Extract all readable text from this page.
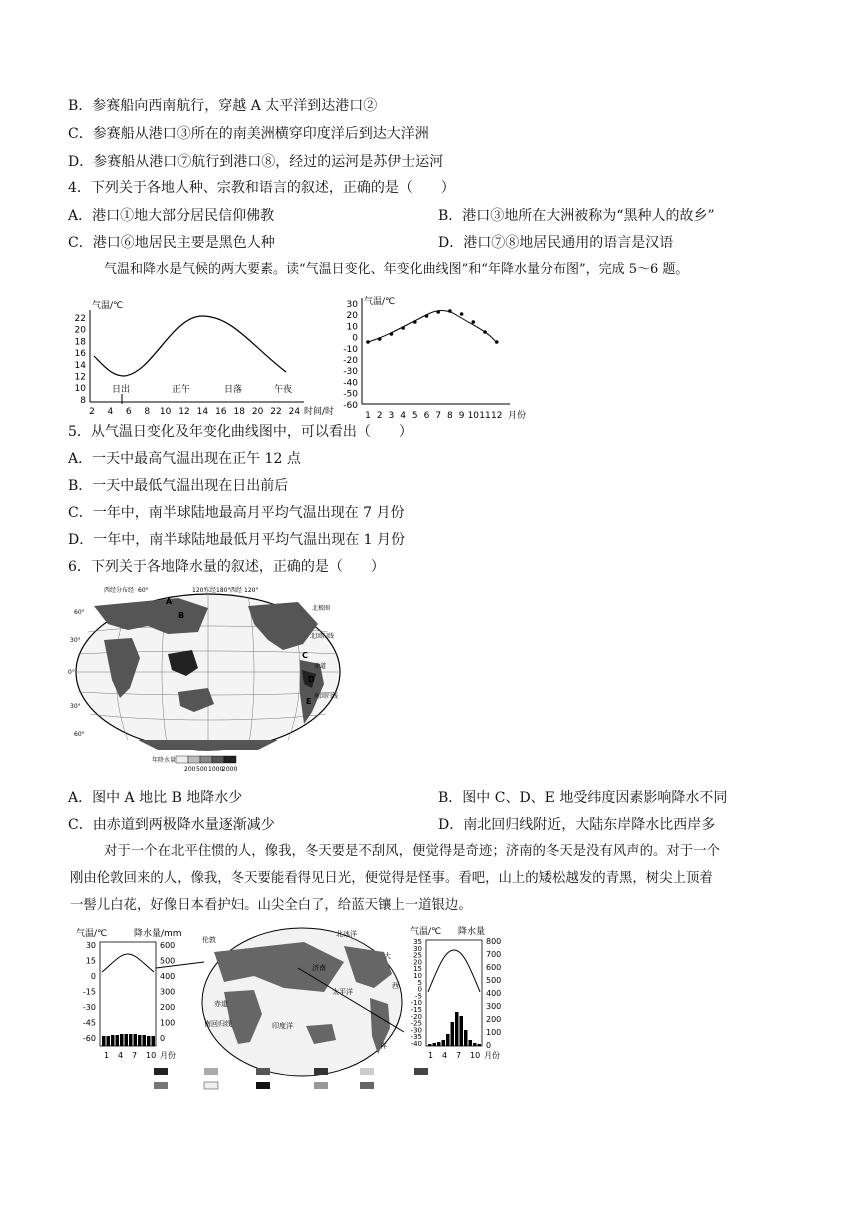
B．参赛船向西南航行，穿越 A 太平洋到达港口②
C．参赛船从港口③所在的南美洲横穿印度洋后到达大洋洲
D．参赛船从港口⑦航行到港口⑧，经过的运河是苏伊士运河
4．下列关于各地人种、宗教和语言的叙述，正确的是（　　）
A．港口①地大部分居民信仰佛教	B．港口③地所在大洲被称为“黑种人的故乡”
C．港口⑥地居民主要是黑色人种	D．港口⑦⑧地居民通用的语言是汉语
气温和降水是气候的两大要素。读“气温日变化、年变化曲线图”和“年降水量分布图”，完成 5～6 题。
气温/℃
22
20
18
16
14
12
10
8
2 4 6 8 10 12 14 16 18 20 22 24
日出	正午	日落	午夜
时间/时
气温/℃
30
20
10
0
-10
-20
-30
-40
-50
-60
1 2 3 4 5 6 7 8 9 10 11 12 月份
5．从气温日变化及年变化曲线图中，可以看出（　　）
A．一天中最高气温出现在正午 12 点
B．一天中最低气温出现在日出前后
C．一年中，南半球陆地最高月平均气温出现在 7 月份
D．一年中，南半球陆地最低月平均气温出现在 1 月份
6．下列关于各地降水量的叙述，正确的是（　　）
西经分布经 60°	120°
东经 180° 西经 120°
北极圈
北回归线
赤道
南回归线
60°
30°
0°
30°
60°
A
B
C
D
E
年降水量
200 500 1000
2000
A．图中 A 地比 B 地降水少	B．图中 C、D、E 地受纬度因素影响降水不同
C．由赤道到两极降水量逐渐减少	D．南北回归线附近，大陆东岸降水比西岸多
对于一个在北平住惯的人，像我，冬天要是不刮风，便觉得是奇迹；济南的冬天是没有风声的。对于一个
刚由伦敦回来的人，像我，冬天要能看得见日光，便觉得是怪事。看吧，山上的矮松越发的青黑，树尖上顶着
一髻儿白花，好像日本看护妇。山尖全白了，给蓝天镶上一道银边。
气温/℃	降水量/mm
30
15
0
-15
-30
-45
-60
600
500
400
300
200
100
0
1 4 7 10 月份
伦敦
北冰洋
济南
大
西
洋
太平洋
印度洋
赤道
南回归线
气温/℃ 降水量
35
30
25
20
15
10
5
0
-5
-10
-15
-20
-25
-30
-35
-40
800
700
600
500
400
300
200
100
0
1 4 7 10 月份
